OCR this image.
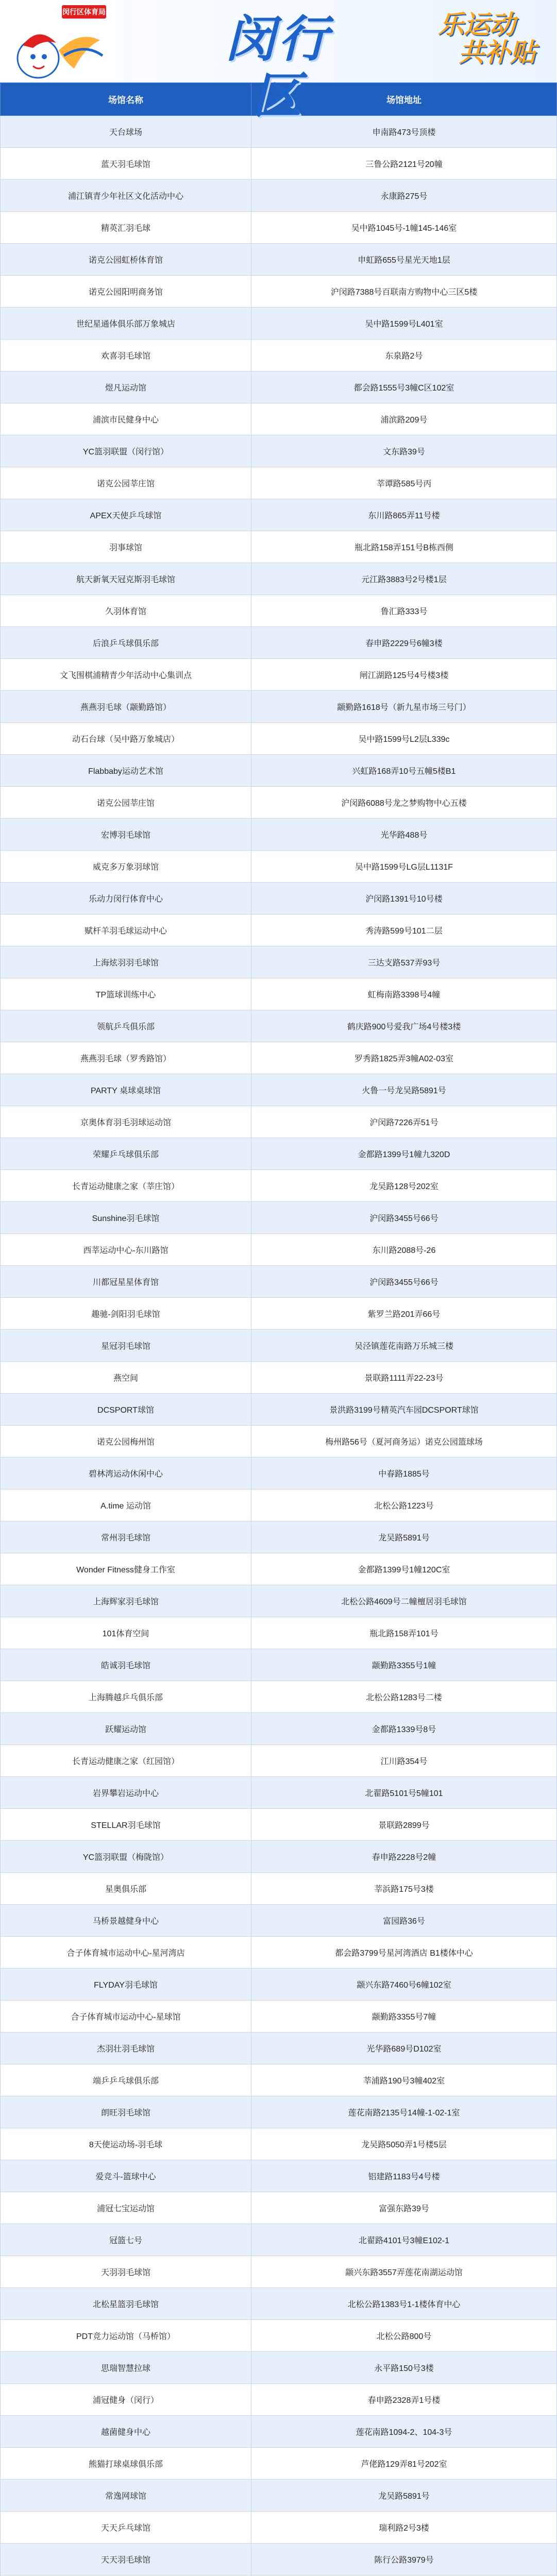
闵行区体育局	闵行区
乐运动
共补贴
场馆名称	场馆地址
天台球场	申南路473号顶楼
蓝天羽毛球馆	三鲁公路2121号20幢
浦江镇青少年社区文化活动中心	永康路275号
精英汇羽毛球	吴中路1045号-1幢145-146室
诺克公园虹桥体育馆	申虹路655号星光天地1层
诺克公园阳明商务馆	沪闵路7388号百联南方购物中心三区5楼
世纪星通体俱乐部万象城店	吴中路1599号L401室
欢喜羽毛球馆	东泉路2号
煜凡运动馆	都会路1555号3幢C区102室
浦滨市民健身中心	浦滨路209号
YC篮羽联盟（闵行馆）	文东路39号
诺克公园莘庄馆	莘谭路585号丙
APEX天使乒乓球馆	东川路865弄11号楼
羽事球馆	瓶北路158弄151号B栋西侧
航天新氧天冠克斯羽毛球馆	元江路3883号2号楼1层
久羽体育馆	鲁汇路333号
后浪乒乓球俱乐部	春申路2229号6幢3楼
文飞围棋浦精青少年活动中心集训点	闸江湖路125号4号楼3楼
燕燕羽毛球（颛勤路馆）	颛勤路1618号（新九星市场三号门）
动石台球（吴中路万象城店）	吴中路1599号L2层L339c
Flabbaby运动艺术馆	兴虹路168弄10号五幢5楼B1
诺克公园莘庄馆	沪闵路6088号龙之梦购物中心五楼
宏博羽毛球馆	光华路488号
威克多万象羽球馆	吴中路1599号LG层L1131F
乐动力闵行体育中心	沪闵路1391号10号楼
赋杆羊羽毛球运动中心	秀涛路599号101二层
上海炫羽羽毛球馆	三达支路537弄93号
TP篮球训练中心	虹梅南路3398号4幢
领航乒乓俱乐部	鹤庆路900号爱我广场4号楼3楼
燕燕羽毛球（罗秀路馆）	罗秀路1825弄3幢A02-03室
PARTY 桌球桌球馆	火鲁一号龙吴路5891号
京奥体育羽毛羽球运动馆	沪闵路7226弄51号
荣耀乒乓球俱乐部	金都路1399号1幢九320D
长青运动健康之家（莘庄馆）	龙吴路128号202室
Sunshine羽毛球馆	沪闵路3455号66号
西莘运动中心-东川路馆	东川路2088号-26
川都冠星星体育馆	沪闵路3455号66号
趣驰-剑阳羽毛球馆	紫罗兰路201弄66号
星冠羽毛球馆	吴泾镇莲花南路万乐城三楼
燕空间	景联路1111弄22-23号
DCSPORT球馆	景洪路3199号精英汽车园DCSPORT球馆
诺克公园梅州馆	梅州路56号（夏河商务运）诺克公园篮球场
碧林湾运动休闲中心	中春路1885号
A.time 运动馆	北松公路1223号
常州羽毛球馆	龙吴路5891号
Wonder Fitness健身工作室	金都路1399号1幢120C室
上海辉家羽毛球馆	北松公路4609号二幢檀居羽毛球馆
101体育空间	瓶北路158弄101号
皓诚羽毛球馆	颛勤路3355号1幢
上海腾越乒乓俱乐部	北松公路1283号二楼
跃耀运动馆	金都路1339号8号
长青运动健康之家（红园馆）	江川路354号
岩界攀岩运动中心	北翟路5101号5幢101
STELLAR羽毛球馆	景联路2899号
YC篮羽联盟（梅陇馆）	春申路2228号2幢
星奥俱乐部	莘浜路175号3楼
马桥景越健身中心	富园路36号
合子体育城市运动中心-星河湾店	都会路3799号星河湾酒店 B1楼体中心
FLYDAY羽毛球馆	颛兴东路7460号6幢102室
合子体育城市运动中心-星球馆	颛勤路3355号7幢
杰羽壮羽毛球馆	光华路689号D102室
端乒乒乓球俱乐部	莘浦路190号3幢402室
朗旺羽毛球馆	莲花南路2135号14幢-1-02-1室
8天使运动场-羽毛球	龙吴路5050弄1号楼5层
爱竞斗-篮球中心	铝建路1183号4号楼
浦冠七宝运动馆	富强东路39号
冠篮七号	北翟路4101号3幢E102-1
天羽羽毛球馆	颛兴东路3557弄莲花南湖运动馆
北松星篮羽毛球馆	北松公路1383号1-1楼体育中心
PDT竞力运动馆（马桥馆）	北松公路800号
思瑞智慧拉球	永平路150号3楼
浦冠健身（闵行）	春申路2328弄1号楼
越菌健身中心	莲花南路1094-2、104-3号
熊猫打球桌球俱乐部	芦佬路129弄81号202室
常逸网球馆	龙吴路5891号
天天乒乓球馆	瑞利路2号3楼
天天羽毛球馆	陈行公路3979号
